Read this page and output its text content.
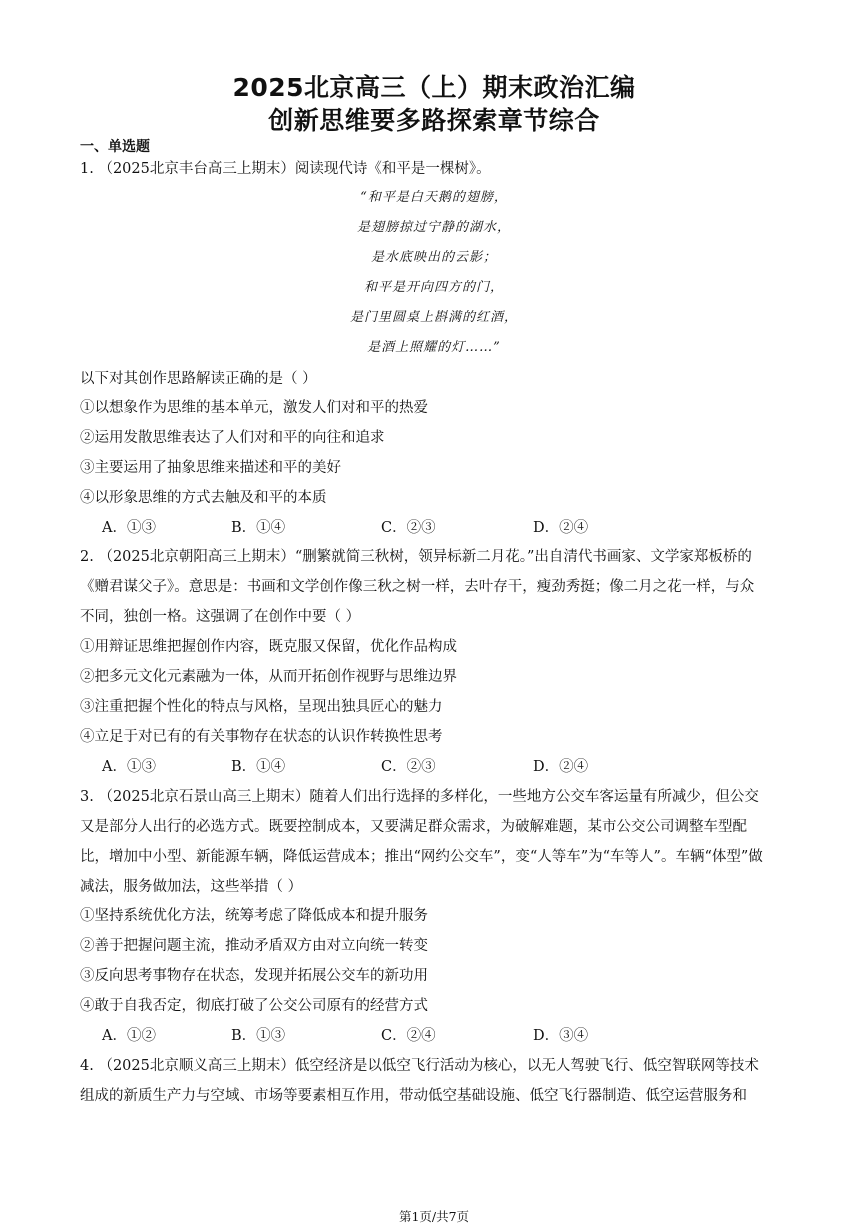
2025北京高三（上）期末政治汇编
创新思维要多路探索章节综合
一、单选题
1. （2025北京丰台高三上期末）阅读现代诗《和平是一棵树》。
“和平是白天鹅的翅膀，
是翅膀掠过宁静的湖水，
是水底映出的云影；
和平是开向四方的门，
是门里圆桌上斟满的红酒，
是酒上照耀的灯……”
以下对其创作思路解读正确的是（ ）
①以想象作为思维的基本单元，激发人们对和平的热爱
②运用发散思维表达了人们对和平的向往和追求
③主要运用了抽象思维来描述和平的美好
④以形象思维的方式去触及和平的本质
A．①③	B．①④	C．②③	D．②④
2. （2025北京朝阳高三上期末）“删繁就简三秋树，领异标新二月花。”出自清代书画家、文学家郑板桥的
《赠君谋父子》。意思是：书画和文学创作像三秋之树一样，去叶存干，瘦劲秀挺；像二月之花一样，与众
不同，独创一格。这强调了在创作中要（ ）
①用辩证思维把握创作内容，既克服又保留，优化作品构成
②把多元文化元素融为一体，从而开拓创作视野与思维边界
③注重把握个性化的特点与风格，呈现出独具匠心的魅力
④立足于对已有的有关事物存在状态的认识作转换性思考
A．①③	B．①④	C．②③	D．②④
3. （2025北京石景山高三上期末）随着人们出行选择的多样化，一些地方公交车客运量有所减少，但公交
又是部分人出行的必选方式。既要控制成本，又要满足群众需求，为破解难题，某市公交公司调整车型配
比，增加中小型、新能源车辆，降低运营成本；推出“网约公交车”，变“人等车”为“车等人”。车辆“体型”做
减法，服务做加法，这些举措（ ）
①坚持系统优化方法，统筹考虑了降低成本和提升服务
②善于把握问题主流，推动矛盾双方由对立向统一转变
③反向思考事物存在状态，发现并拓展公交车的新功用
④敢于自我否定，彻底打破了公交公司原有的经营方式
A．①②	B．①③	C．②④	D．③④
4. （2025北京顺义高三上期末）低空经济是以低空飞行活动为核心，以无人驾驶飞行、低空智联网等技术
组成的新质生产力与空域、市场等要素相互作用，带动低空基础设施、低空飞行器制造、低空运营服务和
第1页/共7页
